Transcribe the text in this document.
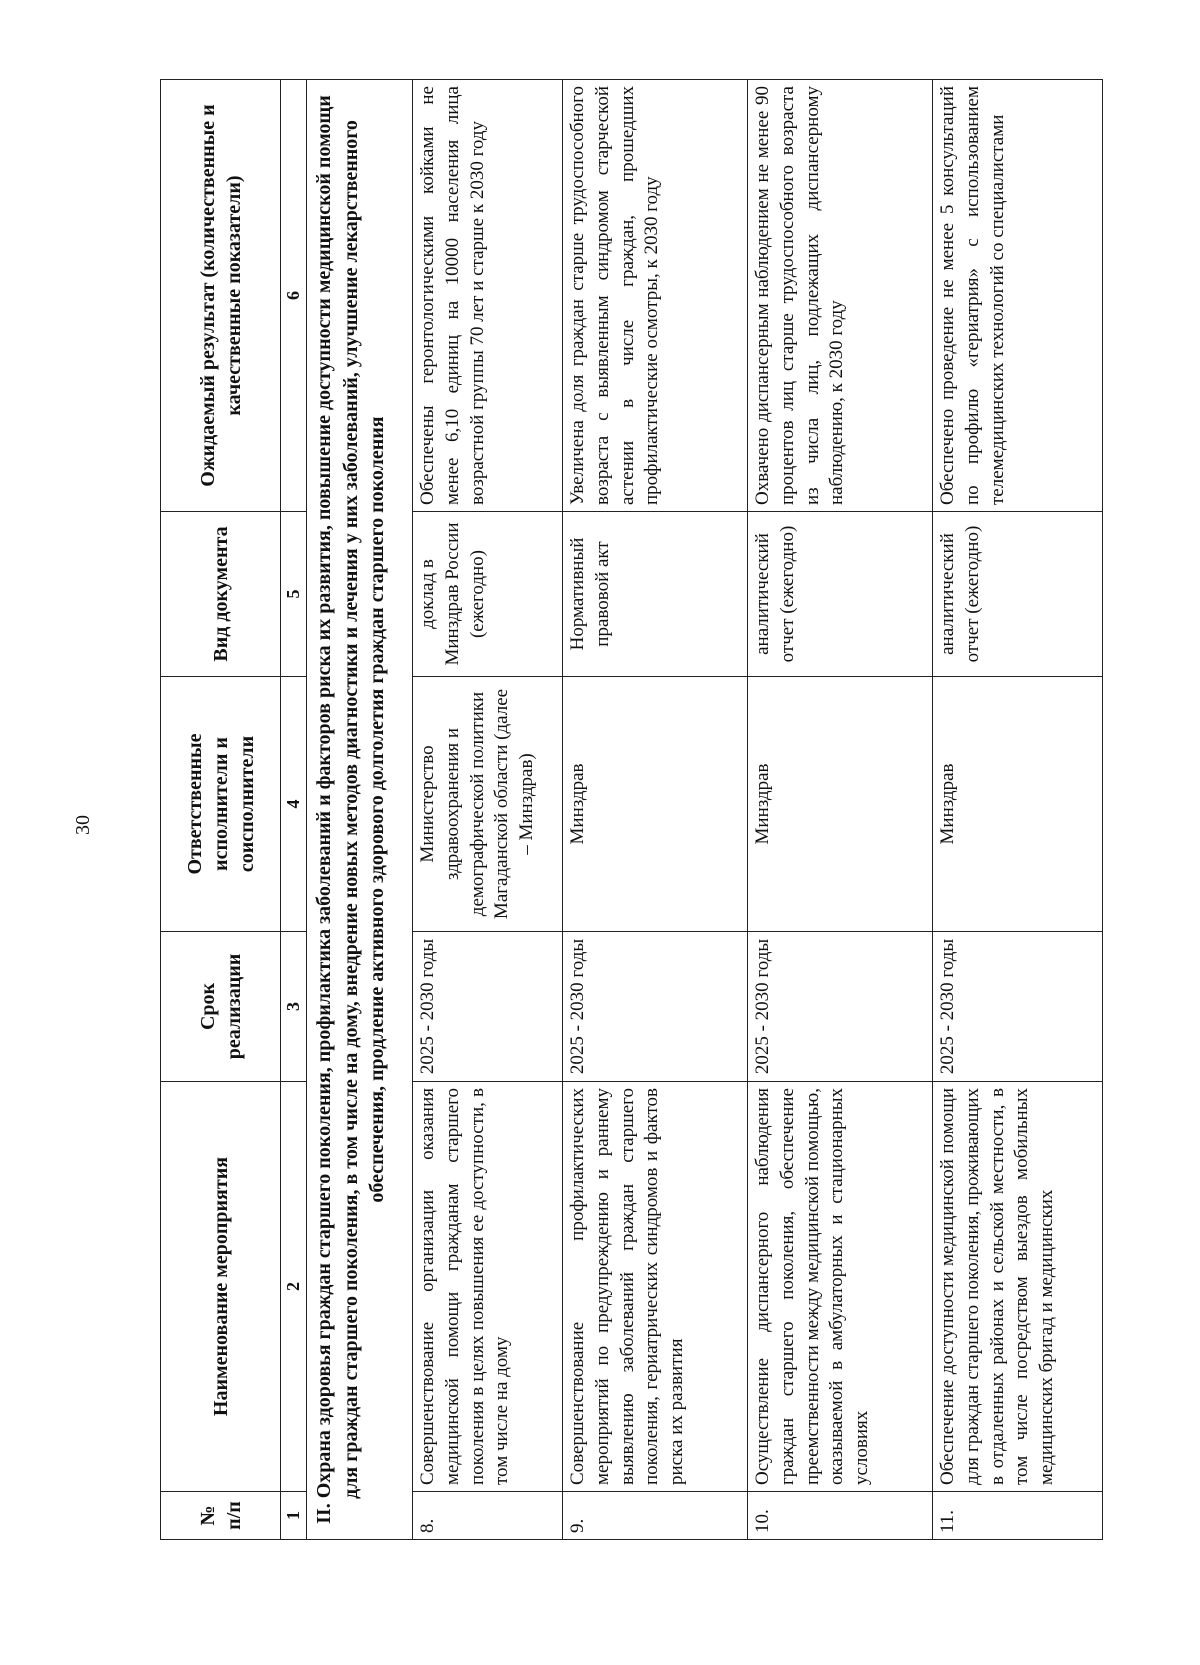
30
№ п/п	Наименование мероприятия	Срок реализации	Ответственные исполнители и соисполнители	Вид документа	Ожидаемый результат (количественные и качественные показатели)
1	2	3	4	5	6
II. Охрана здоровья граждан старшего поколения, профилактика заболеваний и факторов риска их развития, повышение доступности медицинской помощи для граждан старшего поколения, в том числе на дому, внедрение новых методов диагностики и лечения у них заболеваний, улучшение лекарственного обеспечения, продление активного здорового долголетия граждан старшего поколения					
8.	Совершенствование организации оказания медицинской помощи гражданам старшего поколения в целях повышения ее доступности, в том числе на дому	2025 - 2030 годы	Министерство здравоохранения и демографической политики Магаданской области (далее – Минздрав)	доклад в Минздрав России (ежегодно)	Обеспечены геронтологическими койками не менее 6,10 единиц на 10000 населения лица возрастной группы 70 лет и старше к 2030 году
9.	Совершенствование профилактических мероприятий по предупреждению и раннему выявлению заболеваний граждан старшего поколения, гериатрических синдромов и фактов риска их развития	2025 - 2030 годы	Минздрав	Нормативный правовой акт	Увеличена доля граждан старше трудоспособного возраста с выявленным синдромом старческой астении в числе граждан, прошедших профилактические осмотры, к 2030 году
10.	Осуществление диспансерного наблюдения граждан старшего поколения, обеспечение преемственности между медицинской помощью, оказываемой в амбулаторных и стационарных условиях	2025 - 2030 годы	Минздрав	аналитический отчет (ежегодно)	Охвачено диспансерным наблюдением не менее 90 процентов лиц старше трудоспособного возраста из числа лиц, подлежащих диспансерному наблюдению, к 2030 году
11.	Обеспечение доступности медицинской помощи для граждан старшего поколения, проживающих в отдаленных районах и сельской местности, в том числе посредством выездов мобильных медицинских бригад и медицинских	2025 - 2030 годы	Минздрав	аналитический отчет (ежегодно)	Обеспечено проведение не менее 5 консультаций по профилю «гериатрия» с использованием телемедицинских технологий со специалистами
